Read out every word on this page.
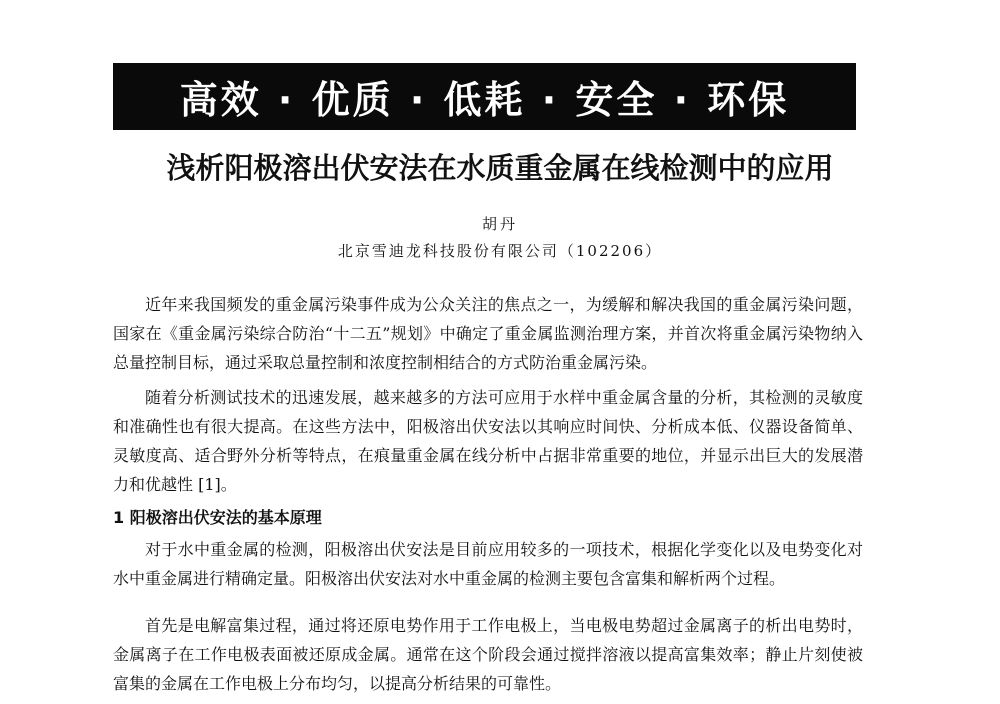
高效 · 优质 · 低耗 · 安全 · 环保
浅析阳极溶出伏安法在水质重金属在线检测中的应用
胡丹
北京雪迪龙科技股份有限公司（102206）

近年来我国频发的重金属污染事件成为公众关注的焦点之一，为缓解和解决我国的重金属污染问题，国家在《重金属污染综合防治“十二五”规划》中确定了重金属监测治理方案，并首次将重金属污染物纳入总量控制目标，通过采取总量控制和浓度控制相结合的方式防治重金属污染。

随着分析测试技术的迅速发展，越来越多的方法可应用于水样中重金属含量的分析，其检测的灵敏度和准确性也有很大提高。在这些方法中，阳极溶出伏安法以其响应时间快、分析成本低、仪器设备简单、灵敏度高、适合野外分析等特点，在痕量重金属在线分析中占据非常重要的地位，并显示出巨大的发展潜力和优越性 [1]。

1 阳极溶出伏安法的基本原理

对于水中重金属的检测，阳极溶出伏安法是目前应用较多的一项技术，根据化学变化以及电势变化对水中重金属进行精确定量。阳极溶出伏安法对水中重金属的检测主要包含富集和解析两个过程。

首先是电解富集过程，通过将还原电势作用于工作电极上，当电极电势超过金属离子的析出电势时，金属离子在工作电极表面被还原成金属。通常在这个阶段会通过搅拌溶液以提高富集效率；静止片刻使被富集的金属在工作电极上分布均匀，以提高分析结果的可靠性。
